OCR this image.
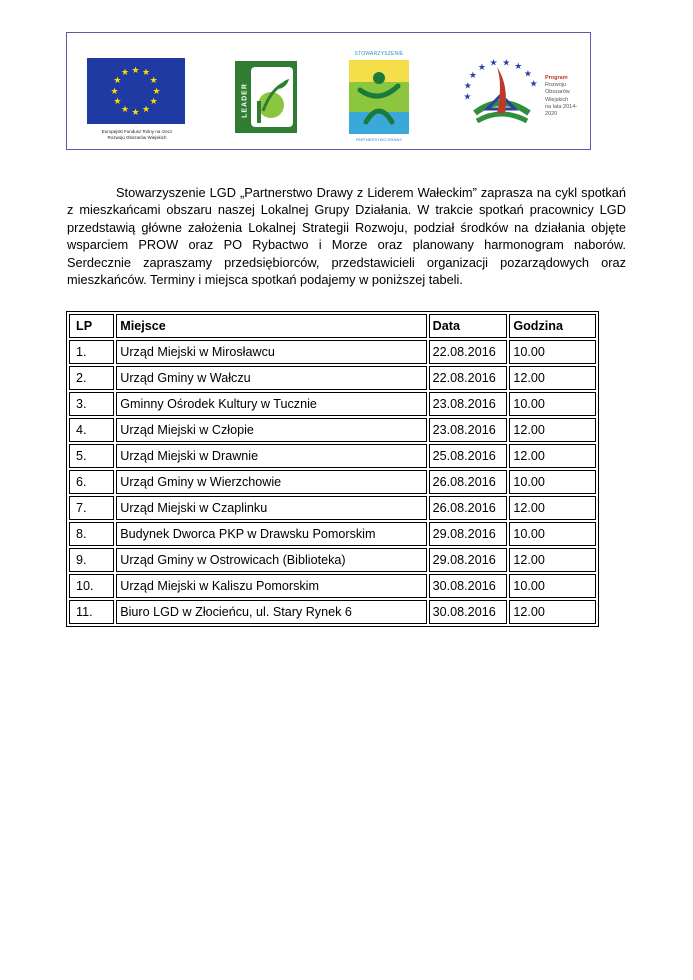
★
★
★
★
★
★
★
★
★ ★ ★
★
Europejski Fundusz Rolny na rzecz
Rozwoju Obszarów Wiejskich
LEADER
STOWARZYSZENIE
PARTNERSTWO DRAWY
★
★
★
★ ★ ★ ★
★
★
Program
Rozwoju
Obszarów
Wiejskich
na lata 2014-2020

Stowarzyszenie LGD „Partnerstwo Drawy z Liderem Wałeckim” zaprasza na cykl spotkań z mieszkańcami obszaru naszej Lokalnej Grupy Działania. W trakcie spotkań pracownicy LGD przedstawią główne założenia Lokalnej Strategii Rozwoju, podział środków na działania objęte wsparciem PROW oraz PO Rybactwo i Morze oraz planowany harmonogram naborów. Serdecznie zapraszamy przedsiębiorców, przedstawicieli organizacji pozarządowych oraz mieszkańców. Terminy i miejsca spotkań podajemy w poniższej tabeli.

LP	Miejsce	Data	Godzina
1.	Urząd Miejski w Mirosławcu	22.08.2016	10.00
2.	Urząd Gminy w Wałczu	22.08.2016	12.00
3.	Gminny Ośrodek Kultury w Tucznie	23.08.2016	10.00
4.	Urząd Miejski w Człopie	23.08.2016	12.00
5.	Urząd Miejski w Drawnie	25.08.2016	12.00
6.	Urząd Gminy w Wierzchowie	26.08.2016	10.00
7.	Urząd Miejski w Czaplinku	26.08.2016	12.00
8.	Budynek Dworca PKP w Drawsku Pomorskim	29.08.2016	10.00
9.	Urząd Gminy w Ostrowicach (Biblioteka)	29.08.2016	12.00
10.	Urząd Miejski w Kaliszu Pomorskim	30.08.2016	10.00
11.	Biuro LGD w Złocieńcu, ul. Stary Rynek 6	30.08.2016	12.00
